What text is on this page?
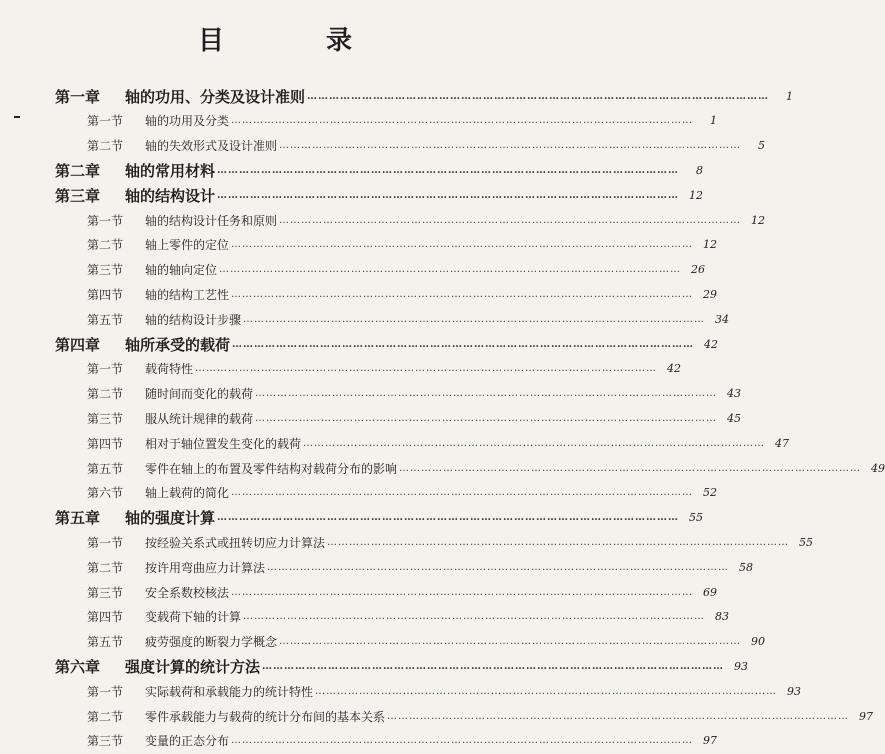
目　录
第一章	轴的功用、分类及设计准则 ………………………………………………………………………………………………………………	1
第一节	轴的功用及分类 ………………………………………………………………………………………………………………	1
第二节	轴的失效形式及设计准则 ………………………………………………………………………………………………………………	5
第二章	轴的常用材料 ………………………………………………………………………………………………………………	8
第三章	轴的结构设计 ……………………………………………………………………………………………………………… 12
第一节	轴的结构设计任务和原则 ……………………………………………………………………………………………………………… 12
第二节	轴上零件的定位 ……………………………………………………………………………………………………………… 12
第三节	轴的轴向定位 ……………………………………………………………………………………………………………… 26
第四节	轴的结构工艺性 ……………………………………………………………………………………………………………… 29
第五节	轴的结构设计步骤 ……………………………………………………………………………………………………………… 34
第四章	轴所承受的载荷 ……………………………………………………………………………………………………………… 42
第一节	载荷特性 ……………………………………………………………………………………………………………… 42
第二节	随时间而变化的载荷 ……………………………………………………………………………………………………………… 43
第三节	服从统计规律的载荷 ……………………………………………………………………………………………………………… 45
第四节	相对于轴位置发生变化的载荷 ……………………………………………………………………………………………………………… 47
第五节	零件在轴上的布置及零件结构对载荷分布的影响 ……………………………………………………………………………………………………………… 49
第六节	轴上载荷的简化 ……………………………………………………………………………………………………………… 52
第五章	轴的强度计算 ……………………………………………………………………………………………………………… 55
第一节	按经验关系式或扭转切应力计算法 ……………………………………………………………………………………………………………… 55
第二节	按许用弯曲应力计算法 ……………………………………………………………………………………………………………… 58
第三节	安全系数校核法 ……………………………………………………………………………………………………………… 69
第四节	变载荷下轴的计算 ……………………………………………………………………………………………………………… 83
第五节	疲劳强度的断裂力学概念 ……………………………………………………………………………………………………………… 90
第六章	强度计算的统计方法 ……………………………………………………………………………………………………………… 93
第一节	实际载荷和承载能力的统计特性 ……………………………………………………………………………………………………………… 93
第二节	零件承载能力与载荷的统计分布间的基本关系 ……………………………………………………………………………………………………………… 97
第三节	变量的正态分布 ……………………………………………………………………………………………………………… 97
